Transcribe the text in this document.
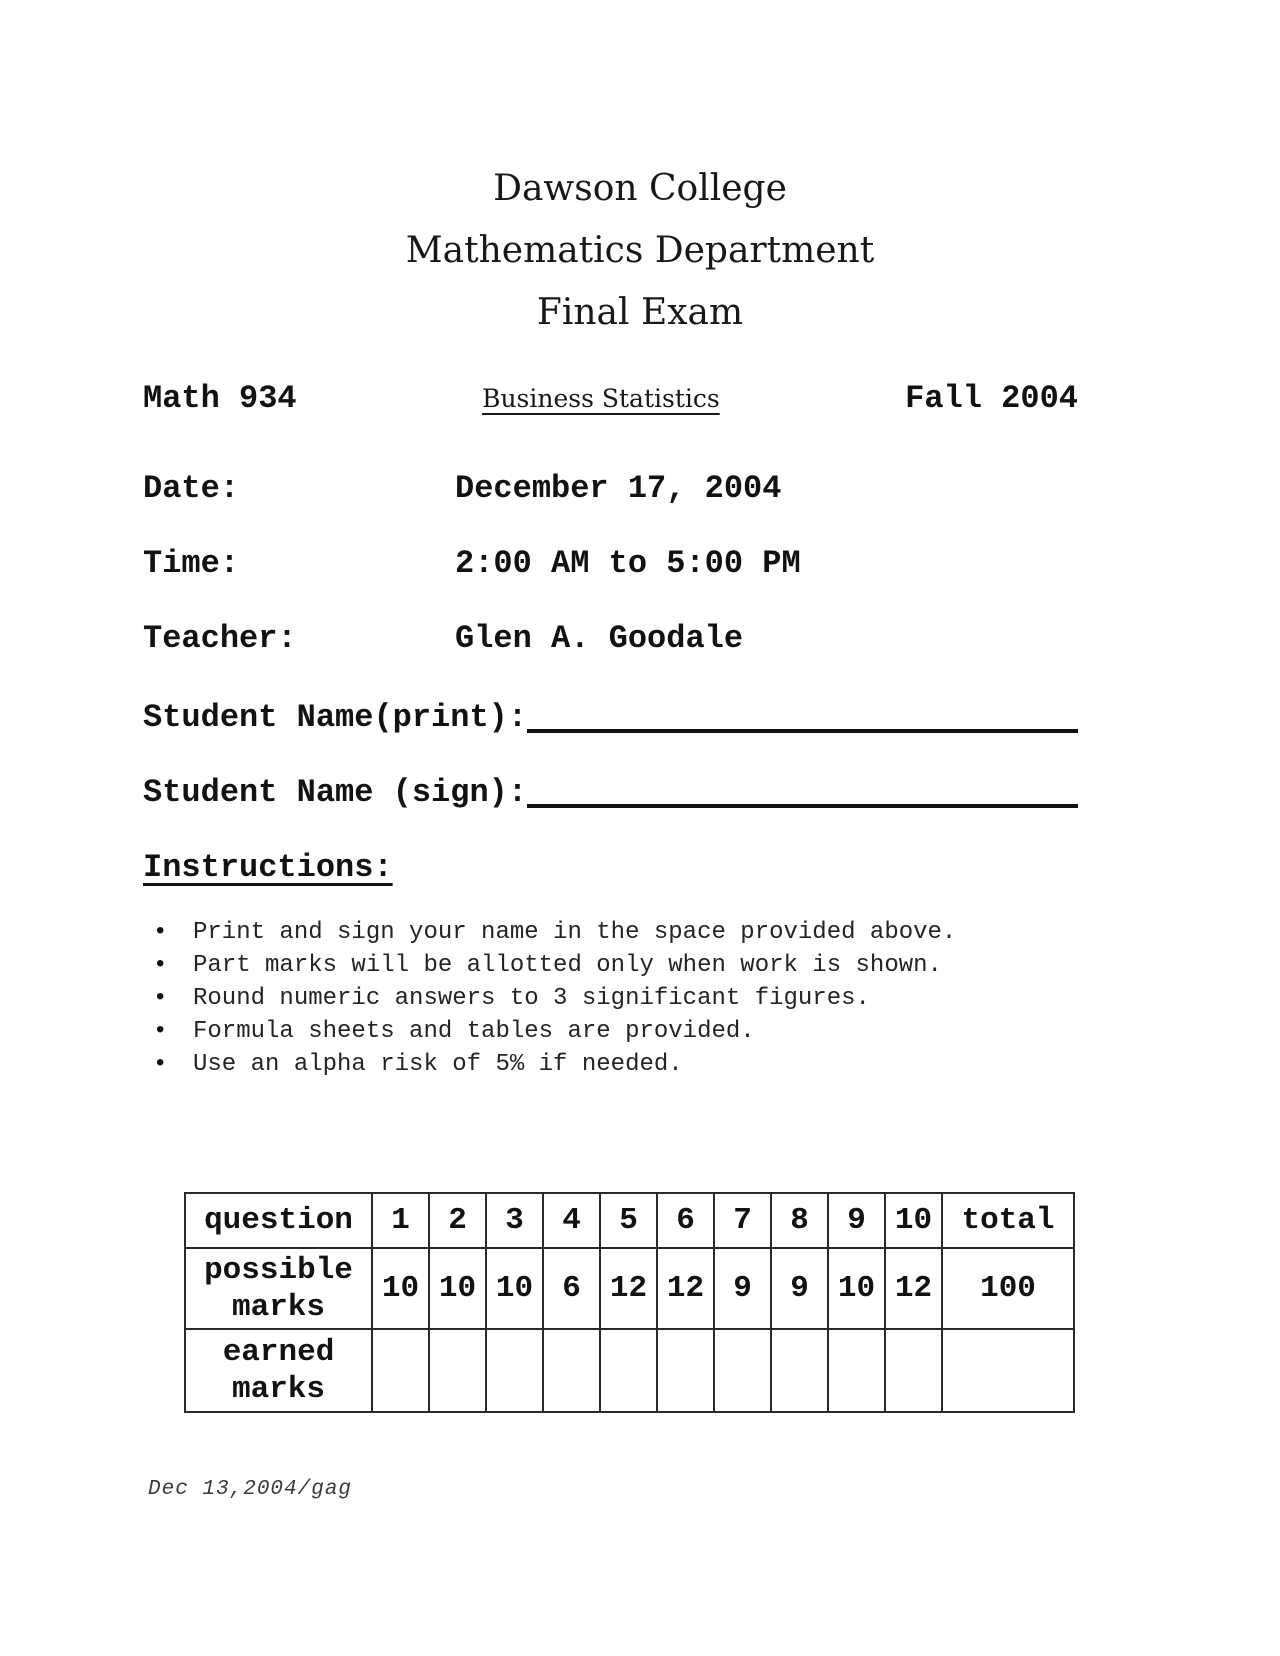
Dawson College
Mathematics Department
Final Exam
Math 934	Business Statistics	Fall 2004
Date:	December 17, 2004
Time:	2:00 AM to 5:00 PM
Teacher:	Glen A. Goodale
Student Name(print):
Student Name (sign):
Instructions:
• Print and sign your name in the space provided above.
• Part marks will be allotted only when work is shown.
• Round numeric answers to 3 significant figures.
• Formula sheets and tables are provided.
• Use an alpha risk of 5% if needed.
question	1	2	3	4	5	6	7	8	9	10	total
possible marks	10	10	10	6	12	12	9	9	10	12	100
earned marks											
Dec 13,2004/gag
